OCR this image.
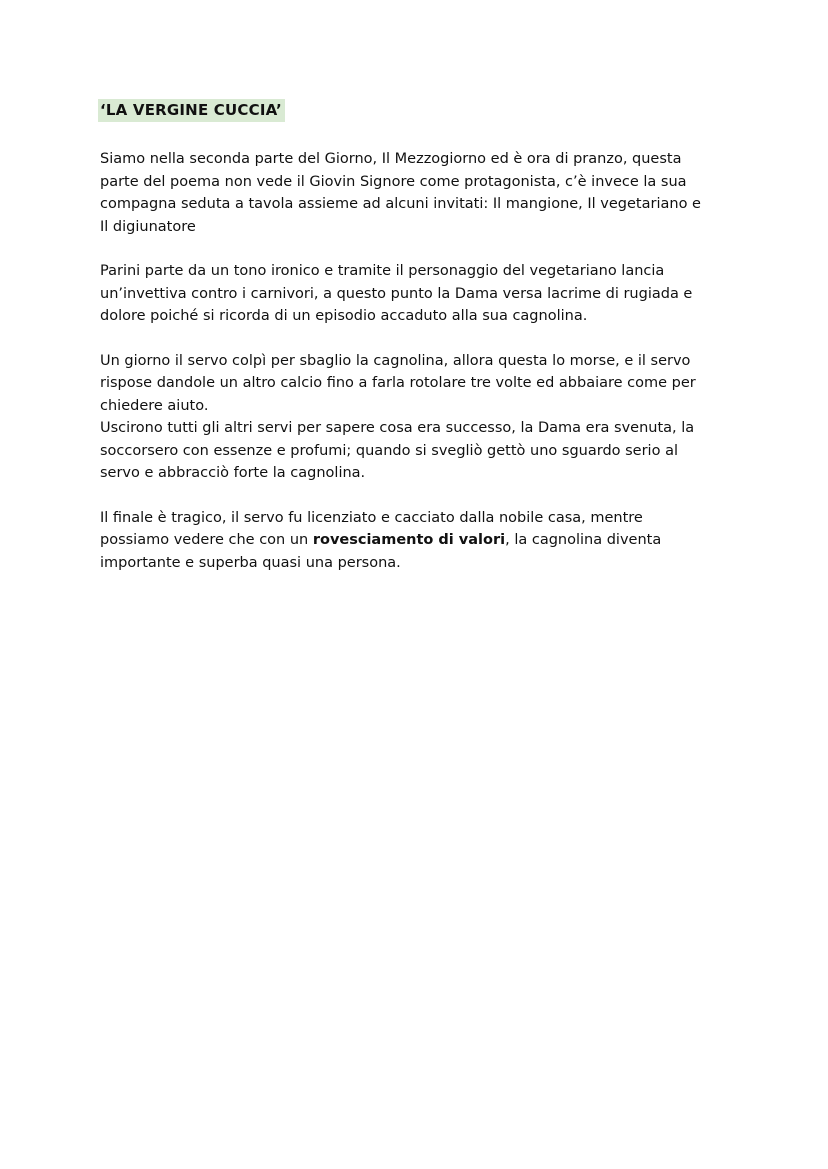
‘LA VERGINE CUCCIA’

Siamo nella seconda parte del Giorno, Il Mezzogiorno ed è ora di pranzo, questa
parte del poema non vede il Giovin Signore come protagonista, c’è invece la sua
compagna seduta a tavola assieme ad alcuni invitati: Il mangione, Il vegetariano e
Il digiunatore

Parini parte da un tono ironico e tramite il personaggio del vegetariano lancia
un’invettiva contro i carnivori, a questo punto la Dama versa lacrime di rugiada e
dolore poiché si ricorda di un episodio accaduto alla sua cagnolina.

Un giorno il servo colpì per sbaglio la cagnolina, allora questa lo morse, e il servo
rispose dandole un altro calcio fino a farla rotolare tre volte ed abbaiare come per
chiedere aiuto.
Uscirono tutti gli altri servi per sapere cosa era successo, la Dama era svenuta, la
soccorsero con essenze e profumi; quando si svegliò gettò uno sguardo serio al
servo e abbracciò forte la cagnolina.

Il finale è tragico, il servo fu licenziato e cacciato dalla nobile casa, mentre
possiamo vedere che con un rovesciamento di valori, la cagnolina diventa
importante e superba quasi una persona.
